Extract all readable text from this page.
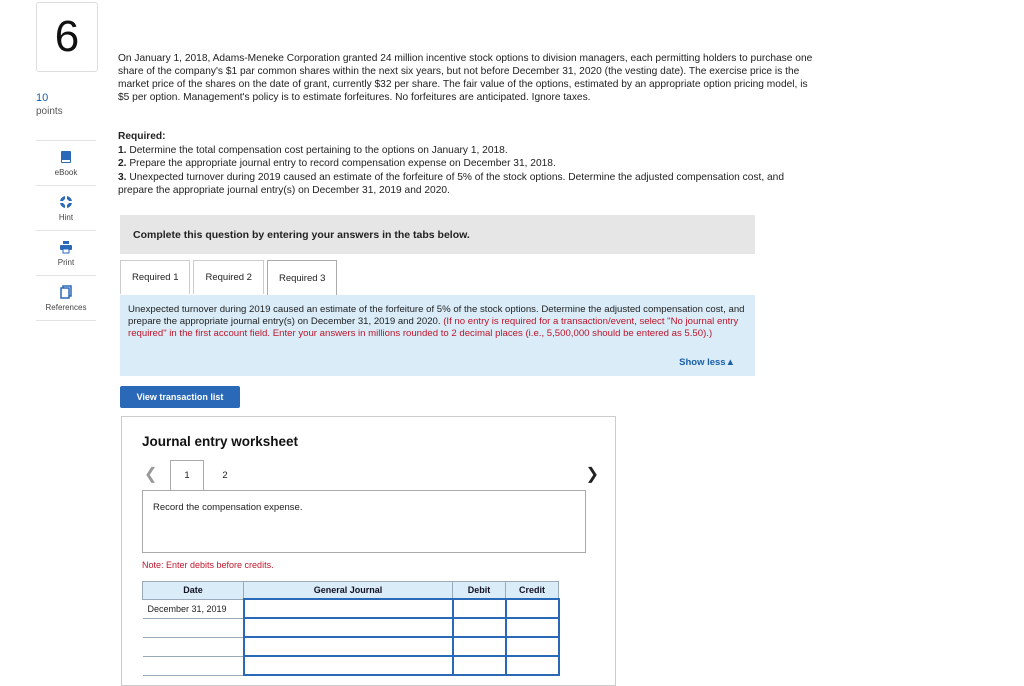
6
10
points
eBook
Hint
Print
References
On January 1, 2018, Adams-Meneke Corporation granted 24 million incentive stock options to division managers, each permitting holders to purchase one share of the company's $1 par common shares within the next six years, but not before December 31, 2020 (the vesting date). The exercise price is the market price of the shares on the date of grant, currently $32 per share. The fair value of the options, estimated by an appropriate option pricing model, is $5 per option. Management's policy is to estimate forfeitures. No forfeitures are anticipated. Ignore taxes.
Required:
1. Determine the total compensation cost pertaining to the options on January 1, 2018.
2. Prepare the appropriate journal entry to record compensation expense on December 31, 2018.
3. Unexpected turnover during 2019 caused an estimate of the forfeiture of 5% of the stock options. Determine the adjusted compensation cost, and prepare the appropriate journal entry(s) on December 31, 2019 and 2020.
Complete this question by entering your answers in the tabs below.
Required 1	Required 2	Required 3
Unexpected turnover during 2019 caused an estimate of the forfeiture of 5% of the stock options. Determine the adjusted compensation cost, and prepare the appropriate journal entry(s) on December 31, 2019 and 2020. (If no entry is required for a transaction/event, select "No journal entry required" in the first account field. Enter your answers in millions rounded to 2 decimal places (i.e., 5,500,000 should be entered as 5.50).)
Show less▲
View transaction list
Journal entry worksheet
❮	1	2	❯
Record the compensation expense.
Note: Enter debits before credits.
Date	General Journal	Debit	Credit
December 31, 2019			
